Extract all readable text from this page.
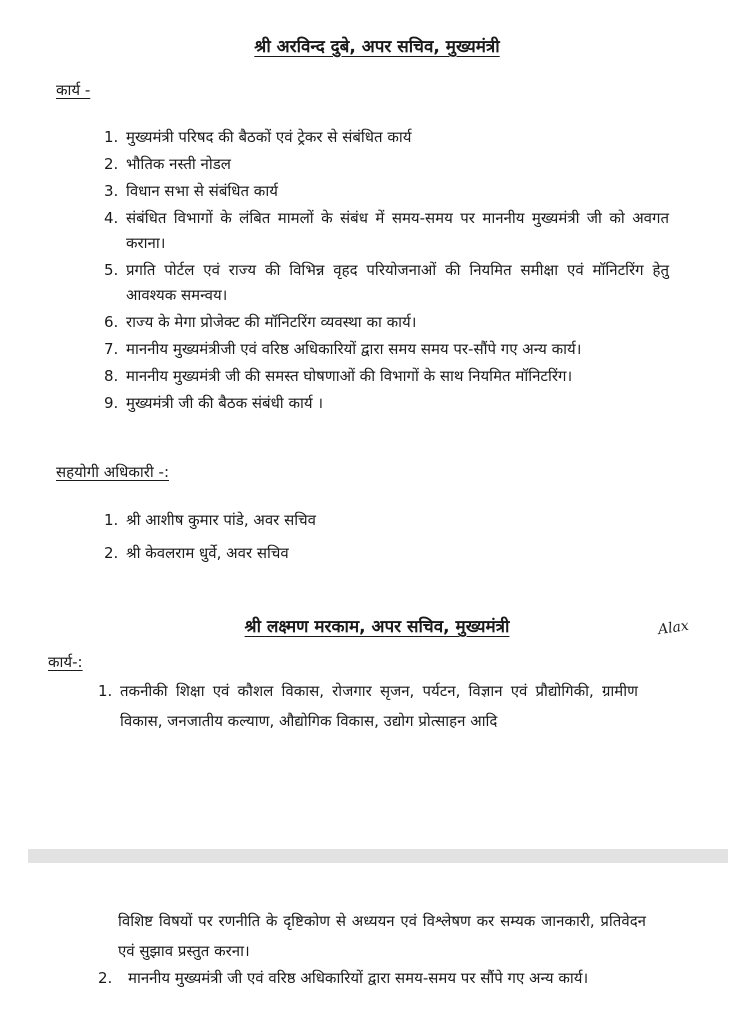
श्री अरविन्द दुबे, अपर सचिव, मुख्यमंत्री
कार्य -
1. मुख्यमंत्री परिषद की बैठकों एवं ट्रेकर से संबंधित कार्य
2. भौतिक नस्ती नोडल
3. विधान सभा से संबंधित कार्य
4. संबंधित विभागों के लंबित मामलों के संबंध में समय-समय पर माननीय मुख्यमंत्री जी को अवगत कराना।
5. प्रगति पोर्टल एवं राज्य की विभिन्न वृहद परियोजनाओं की नियमित समीक्षा एवं मॉनिटरिंग हेतु आवश्यक समन्वय।
6. राज्य के मेगा प्रोजेक्ट की मॉनिटरिंग व्यवस्था का कार्य।
7. माननीय मुख्यमंत्रीजी एवं वरिष्ठ अधिकारियों द्वारा समय समय पर-सौंपे गए अन्य कार्य।
8. माननीय मुख्यमंत्री जी की समस्त घोषणाओं की विभागों के साथ नियमित मॉनिटरिंग।
9. मुख्यमंत्री जी की बैठक संबंधी कार्य ।
सहयोगी अधिकारी -:
1. श्री आशीष कुमार पांडे, अवर सचिव
2. श्री केवलराम धुर्वे, अवर सचिव
श्री लक्ष्मण मरकाम, अपर सचिव, मुख्यमंत्री	Alax
कार्य-:
1. तकनीकी शिक्षा एवं कौशल विकास, रोजगार सृजन, पर्यटन, विज्ञान एवं प्रौद्योगिकी, ग्रामीण विकास, जनजातीय कल्याण, औद्योगिक विकास, उद्योग प्रोत्साहन आदि
विशिष्ट विषयों पर रणनीति के दृष्टिकोण से अध्ययन एवं विश्लेषण कर सम्यक जानकारी, प्रतिवेदन एवं सुझाव प्रस्तुत करना।
2.	माननीय मुख्यमंत्री जी एवं वरिष्ठ अधिकारियों द्वारा समय-समय पर सौंपे गए अन्य कार्य।
